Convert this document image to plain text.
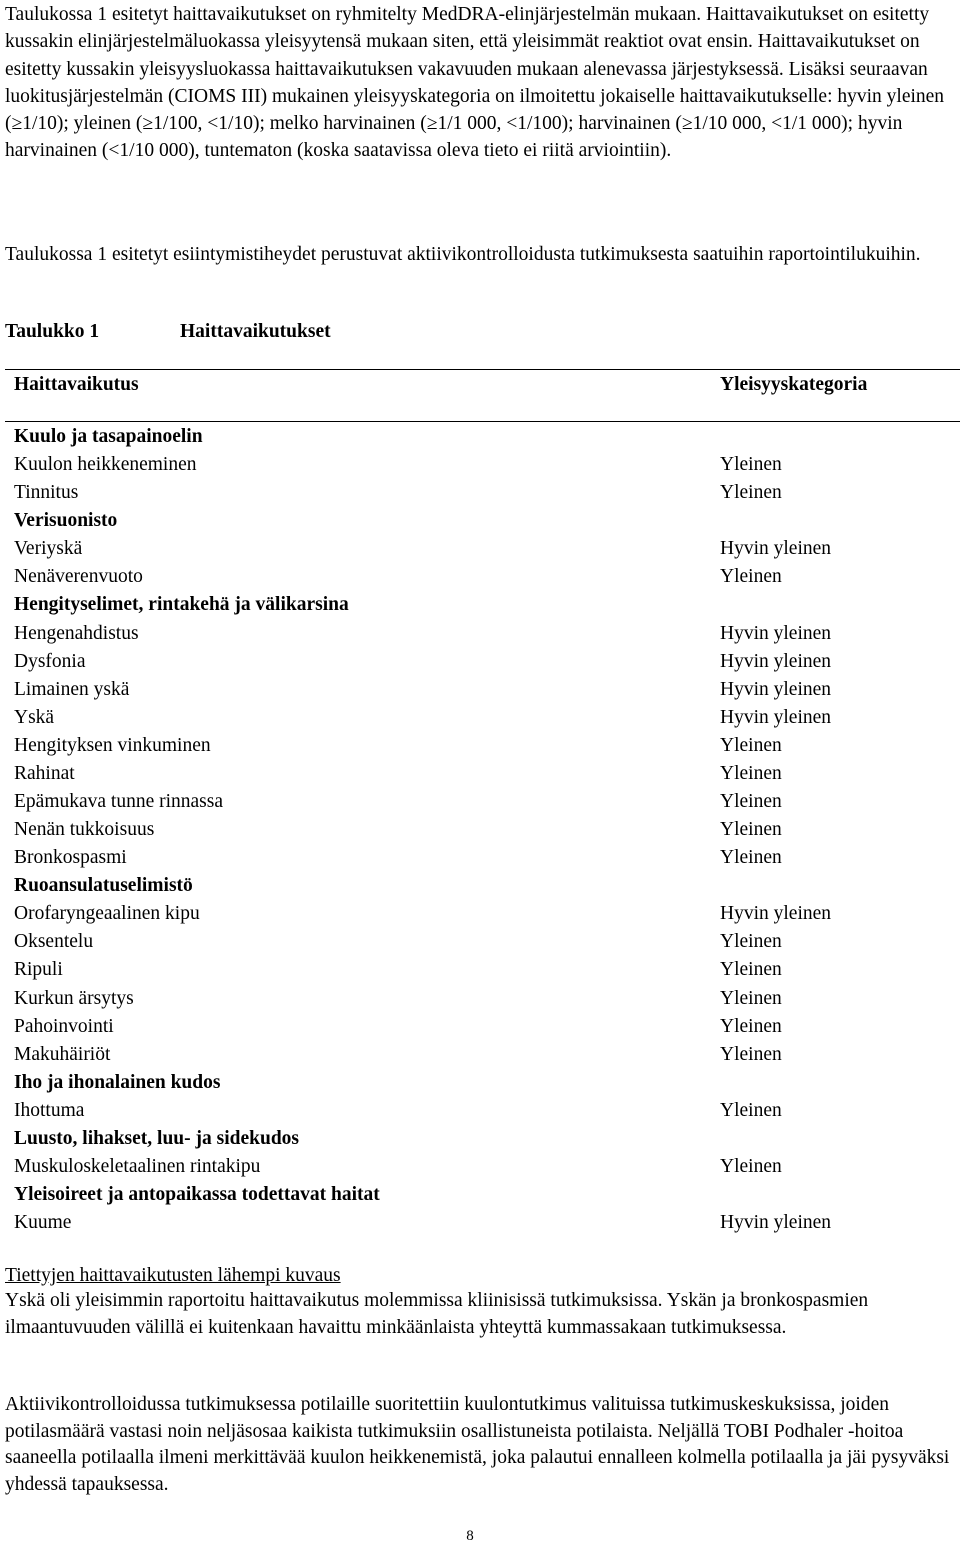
Taulukossa 1 esitetyt haittavaikutukset on ryhmitelty MedDRA-elinjärjestelmän mukaan. Haittavaikutukset on esitetty kussakin elinjärjestelmäluokassa yleisyytensä mukaan siten, että yleisimmät reaktiot ovat ensin. Haittavaikutukset on esitetty kussakin yleisyysluokassa haittavaikutuksen vakavuuden mukaan alenevassa järjestyksessä. Lisäksi seuraavan luokitusjärjestelmän (CIOMS III) mukainen yleisyyskategoria on ilmoitettu jokaiselle haittavaikutukselle: hyvin yleinen (≥1/10); yleinen (≥1/100, <1/10); melko harvinainen (≥1/1 000, <1/100); harvinainen (≥1/10 000, <1/1 000); hyvin harvinainen (<1/10 000), tuntematon (koska saatavissa oleva tieto ei riitä arviointiin).

Taulukossa 1 esitetyt esiintymistiheydet perustuvat aktiivikontrolloidusta tutkimuksesta saatuihin raportointilukuihin.

Taulukko 1	Haittavaikutukset
Haittavaikutus	Yleisyyskategoria
Kuulo ja tasapainoelin
Kuulon heikkeneminen	Yleinen
Tinnitus	Yleinen
Verisuonisto
Veriyskä	Hyvin yleinen
Nenäverenvuoto	Yleinen
Hengityselimet, rintakehä ja välikarsina
Hengenahdistus	Hyvin yleinen
Dysfonia	Hyvin yleinen
Limainen yskä	Hyvin yleinen
Yskä	Hyvin yleinen
Hengityksen vinkuminen	Yleinen
Rahinat	Yleinen
Epämukava tunne rinnassa	Yleinen
Nenän tukkoisuus	Yleinen
Bronkospasmi	Yleinen
Ruoansulatuselimistö
Orofaryngeaalinen kipu	Hyvin yleinen
Oksentelu	Yleinen
Ripuli	Yleinen
Kurkun ärsytys	Yleinen
Pahoinvointi	Yleinen
Makuhäiriöt	Yleinen
Iho ja ihonalainen kudos
Ihottuma	Yleinen
Luusto, lihakset, luu- ja sidekudos
Muskuloskeletaalinen rintakipu	Yleinen
Yleisoireet ja antopaikassa todettavat haitat
Kuume	Hyvin yleinen
Tiettyjen haittavaikutusten lähempi kuvaus

Yskä oli yleisimmin raportoitu haittavaikutus molemmissa kliinisissä tutkimuksissa. Yskän ja bronkospasmien ilmaantuvuuden välillä ei kuitenkaan havaittu minkäänlaista yhteyttä kummassakaan tutkimuksessa.

Aktiivikontrolloidussa tutkimuksessa potilaille suoritettiin kuulontutkimus valituissa tutkimuskeskuksissa, joiden potilasmäärä vastasi noin neljäsosaa kaikista tutkimuksiin osallistuneista potilaista. Neljällä TOBI Podhaler -hoitoa saaneella potilaalla ilmeni merkittävää kuulon heikkenemistä, joka palautui ennalleen kolmella potilaalla ja jäi pysyväksi yhdessä tapauksessa.

8
